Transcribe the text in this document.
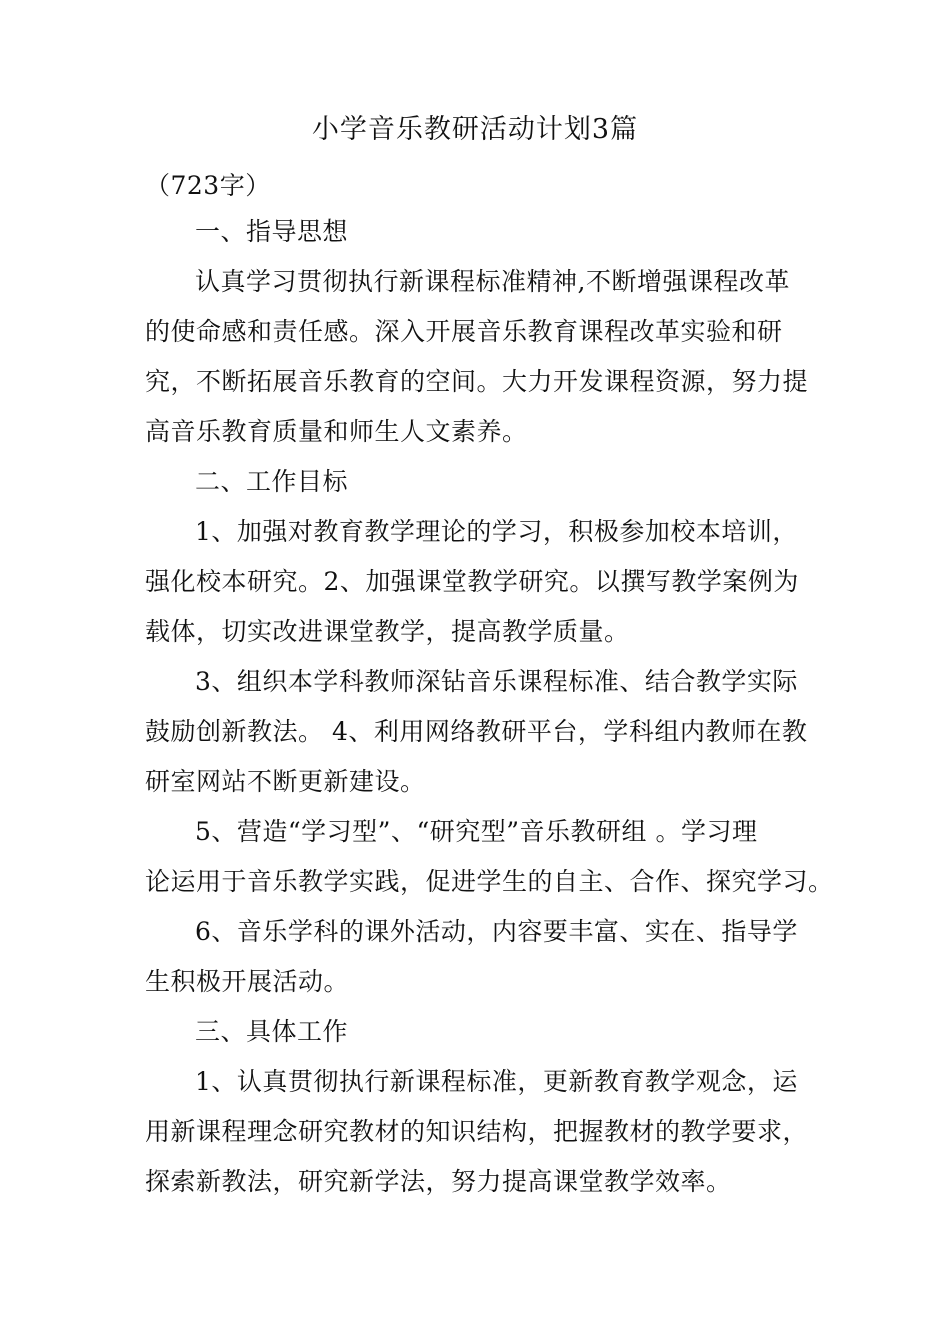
小学音乐教研活动计划3篇
（723字）
一、指导思想
认真学习贯彻执行新课程标准精神,不断增强课程改革
的使命感和责任感。深入开展音乐教育课程改革实验和研
究，不断拓展音乐教育的空间。大力开发课程资源，努力提
高音乐教育质量和师生人文素养。
二、工作目标
1、加强对教育教学理论的学习，积极参加校本培训，
强化校本研究。2、加强课堂教学研究。以撰写教学案例为
载体，切实改进课堂教学，提高教学质量。
3、组织本学科教师深钻音乐课程标准、结合教学实际
鼓励创新教法。 4、利用网络教研平台，学科组内教师在教
研室网站不断更新建设。
5、营造“学习型”、“研究型”音乐教研组 。学习理
论运用于音乐教学实践，促进学生的自主、合作、探究学习。
6、音乐学科的课外活动，内容要丰富、实在、指导学
生积极开展活动。
三、具体工作
1、认真贯彻执行新课程标准，更新教育教学观念，运
用新课程理念研究教材的知识结构，把握教材的教学要求，
探索新教法，研究新学法，努力提高课堂教学效率。
